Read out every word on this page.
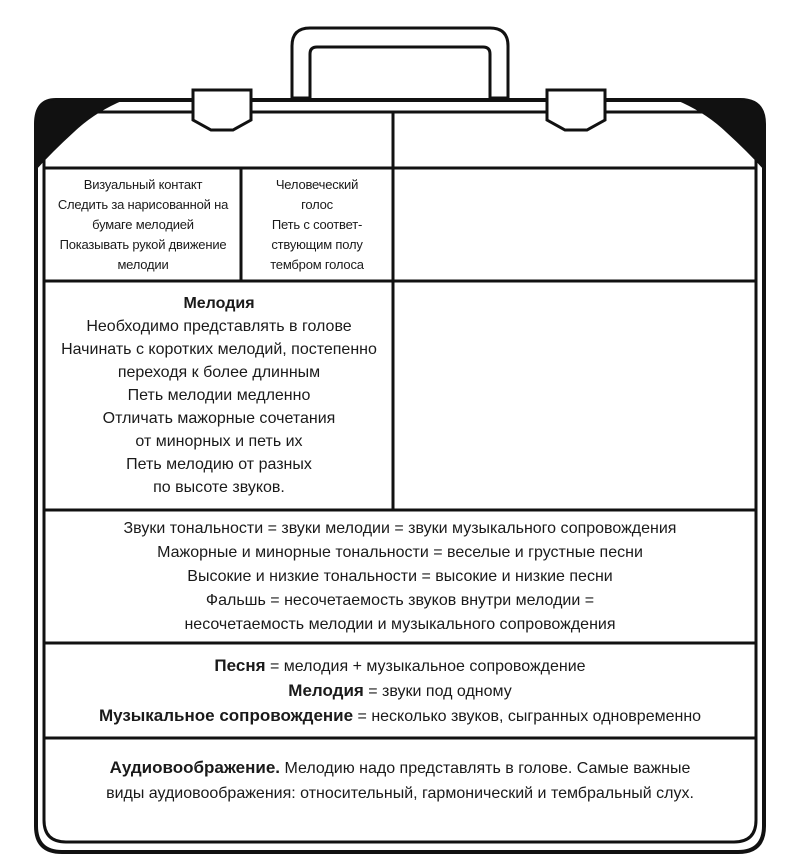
Визуальный контакт
Следить за нарисованной на
бумаге мелодией
Показывать рукой движение
мелодии
Человеческий
голос
Петь с соответ-
ствующим полу
тембром голоса
Мелодия
Необходимо представлять в голове
Начинать с коротких мелодий, постепенно
переходя к более длинным
Петь мелодии медленно
Отличать мажорные сочетания
от минорных и петь их
Петь мелодию от разных
по высоте звуков.
Звуки тональности = звуки мелодии = звуки музыкального сопровождения
Мажорные и минорные тональности = веселые и грустные песни
Высокие и низкие тональности = высокие и низкие песни
Фальшь = несочетаемость звуков внутри мелодии =
несочетаемость мелодии и музыкального сопровождения
Песня = мелодия + музыкальное сопровождение
Мелодия = звуки под одному
Музыкальное сопровождение = несколько звуков, сыгранных одновременно
Аудиовоображение. Мелодию надо представлять в голове. Самые важные
виды аудиовоображения: относительный, гармонический и тембральный слух.
